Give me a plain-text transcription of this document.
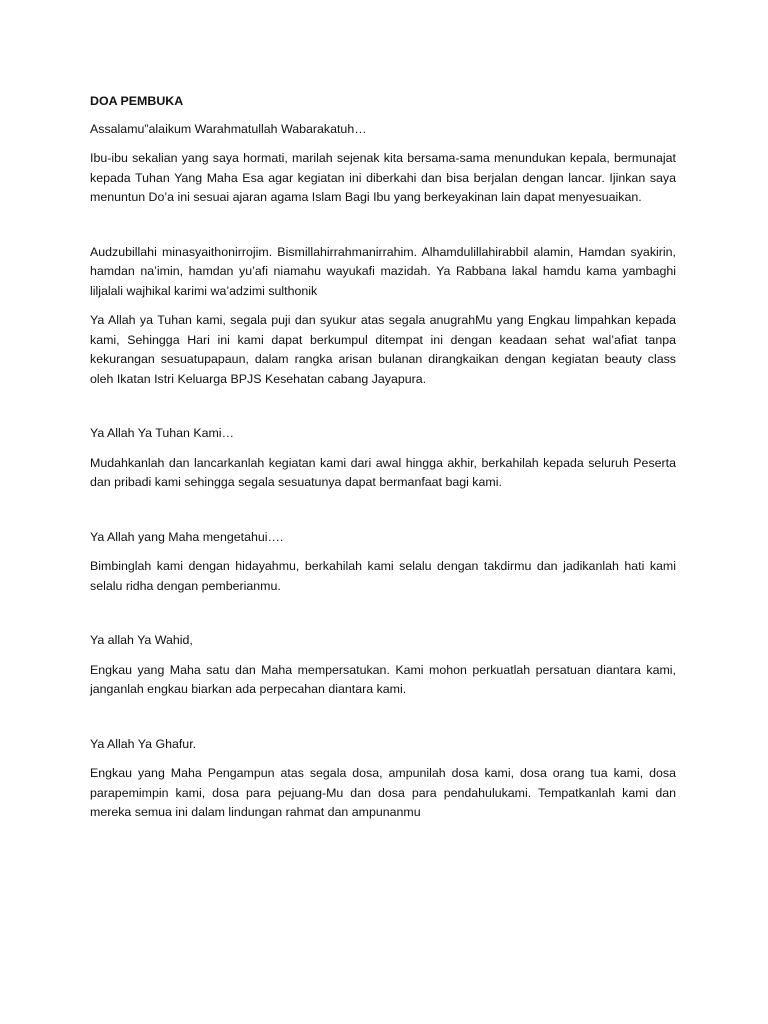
DOA PEMBUKA

Assalamu”alaikum Warahmatullah Wabarakatuh…

Ibu-ibu sekalian yang saya hormati, marilah sejenak kita bersama-sama menundukan kepala, bermunajat kepada Tuhan Yang Maha Esa agar kegiatan ini diberkahi dan bisa berjalan dengan lancar. Ijinkan saya menuntun Do’a ini sesuai ajaran agama Islam Bagi Ibu yang berkeyakinan lain dapat menyesuaikan.

Audzubillahi minasyaithonirrojim. Bismillahirrahmanirrahim. Alhamdulillahirabbil alamin, Hamdan syakirin, hamdan na’imin, hamdan yu’afi niamahu wayukafi mazidah. Ya Rabbana lakal hamdu kama yambaghi liljalali wajhikal karimi wa’adzimi sulthonik

Ya Allah ya Tuhan kami, segala puji dan syukur atas segala anugrahMu yang Engkau limpahkan kepada kami, Sehingga Hari ini kami dapat berkumpul ditempat ini dengan keadaan sehat wal’afiat tanpa kekurangan sesuatupapaun, dalam rangka arisan bulanan dirangkaikan dengan kegiatan beauty class oleh Ikatan Istri Keluarga BPJS Kesehatan cabang Jayapura.

Ya Allah Ya Tuhan Kami…

Mudahkanlah dan lancarkanlah kegiatan kami dari awal hingga akhir, berkahilah kepada seluruh Peserta dan pribadi kami sehingga segala sesuatunya dapat bermanfaat bagi kami.

Ya Allah yang Maha mengetahui….

Bimbinglah kami dengan hidayahmu, berkahilah kami selalu dengan takdirmu dan jadikanlah hati kami selalu ridha dengan pemberianmu.

Ya allah Ya Wahid,

Engkau yang Maha satu dan Maha mempersatukan. Kami mohon perkuatlah persatuan diantara kami, janganlah engkau biarkan ada perpecahan diantara kami.

Ya Allah Ya Ghafur.

Engkau yang Maha Pengampun atas segala dosa, ampunilah dosa kami, dosa orang tua kami, dosa parapemimpin kami, dosa para pejuang-Mu dan dosa para pendahulukami. Tempatkanlah kami dan mereka semua ini dalam lindungan rahmat dan ampunanmu
